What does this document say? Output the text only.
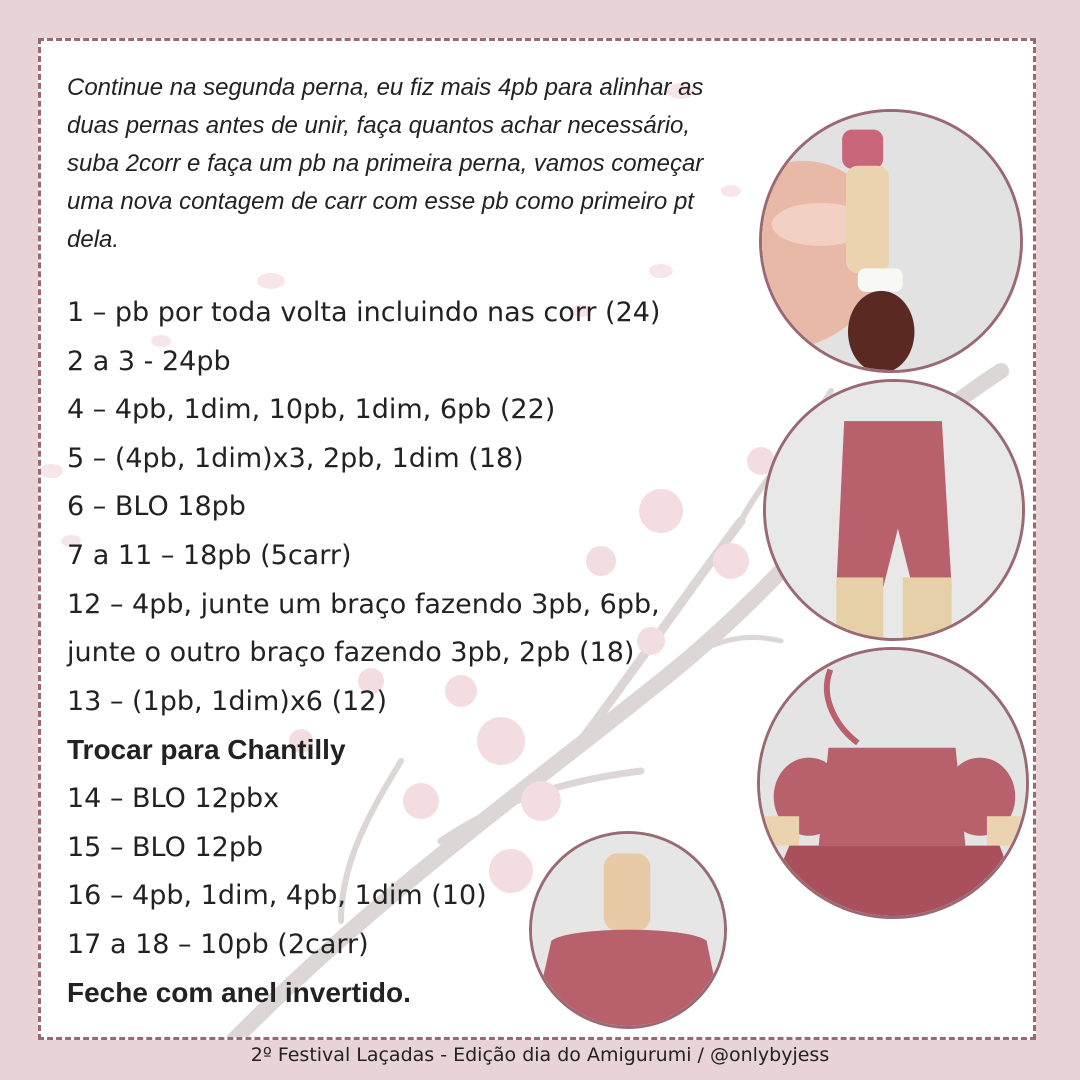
Continue na segunda perna, eu fiz mais 4pb para alinhar as duas pernas antes de unir, faça quantos achar necessário, suba 2corr e faça um pb na primeira perna, vamos começar uma nova contagem de carr com esse pb como primeiro pt dela.

1 – pb por toda volta incluindo nas corr (24)
2 a 3 - 24pb
4 – 4pb, 1dim, 10pb, 1dim, 6pb (22)
5 – (4pb, 1dim)x3, 2pb, 1dim (18)
6 – BLO 18pb
7 a 11 – 18pb (5carr)
12 – 4pb, junte um braço fazendo 3pb, 6pb,
junte o outro braço fazendo 3pb, 2pb (18)
13 – (1pb, 1dim)x6 (12)
Trocar para Chantilly
14 – BLO 12pbx
15 – BLO 12pb
16 – 4pb, 1dim, 4pb, 1dim (10)
17 a 18 – 10pb (2carr)
Feche com anel invertido.
2º Festival Laçadas - Edição dia do Amigurumi / @onlybyjess
